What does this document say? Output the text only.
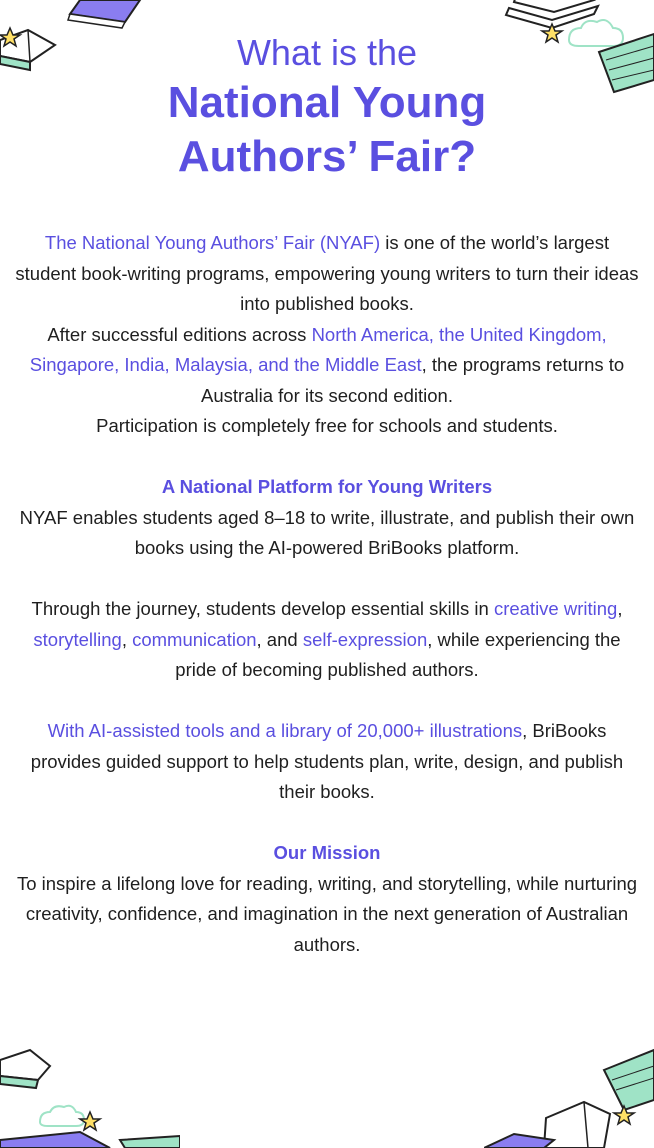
What is the
National Young
Authors’ Fair?

The National Young Authors’ Fair (NYAF) is one of the world’s largest student book-writing programs, empowering young writers to turn their ideas into published books.

After successful editions across North America, the United Kingdom, Singapore, India, Malaysia, and the Middle East, the programs returns to Australia for its second edition.

Participation is completely free for schools and students.

A National Platform for Young Writers

NYAF enables students aged 8–18 to write, illustrate, and publish their own books using the AI-powered BriBooks platform.

Through the journey, students develop essential skills in creative writing, storytelling, communication, and self-expression, while experiencing the pride of becoming published authors.

With AI-assisted tools and a library of 20,000+ illustrations, BriBooks provides guided support to help students plan, write, design, and publish their books.

Our Mission

To inspire a lifelong love for reading, writing, and storytelling, while nurturing creativity, confidence, and imagination in the next generation of Australian authors.
